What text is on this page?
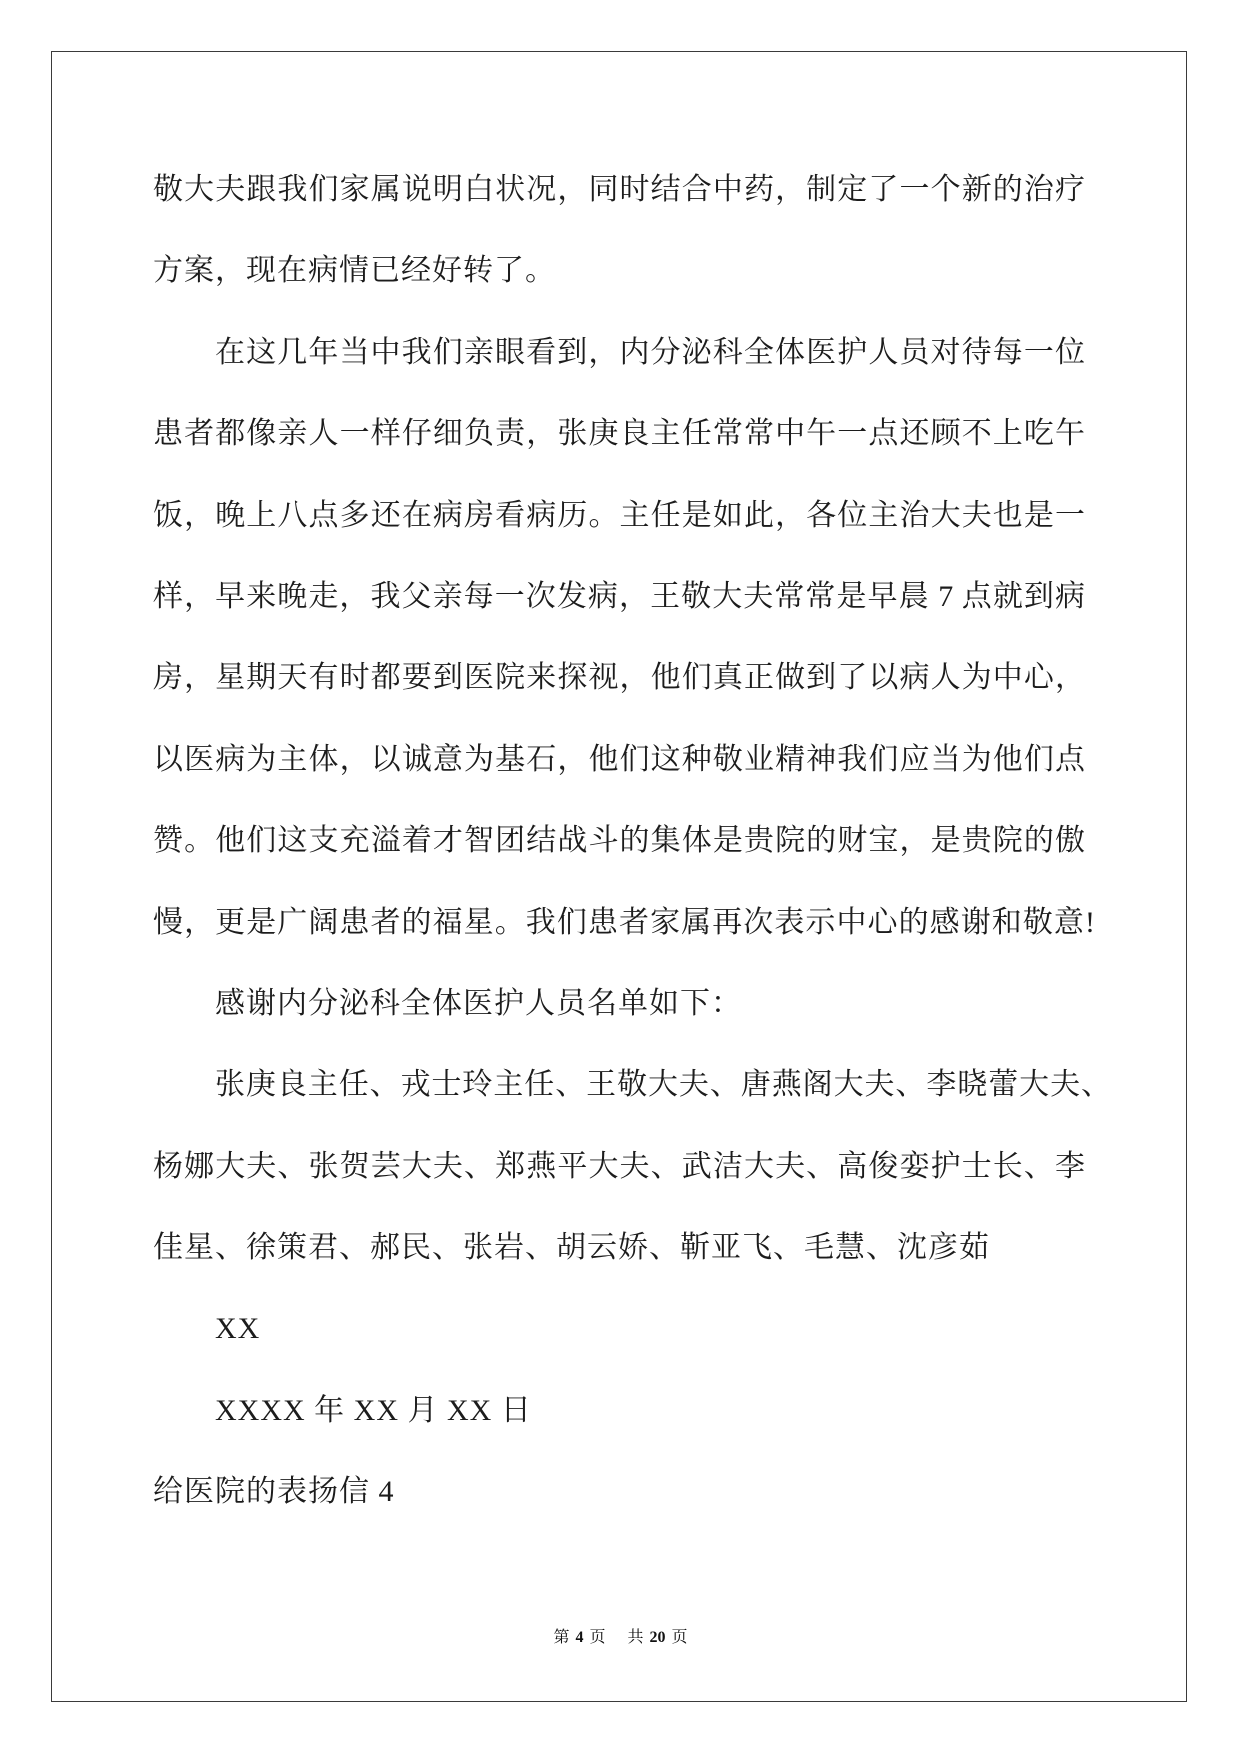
敬大夫跟我们家属说明白状况，同时结合中药，制定了一个新的治疗
方案，现在病情已经好转了。
在这几年当中我们亲眼看到，内分泌科全体医护人员对待每一位
患者都像亲人一样仔细负责，张庚良主任常常中午一点还顾不上吃午
饭，晚上八点多还在病房看病历。主任是如此，各位主治大夫也是一
样，早来晚走，我父亲每一次发病，王敬大夫常常是早晨 7 点就到病
房，星期天有时都要到医院来探视，他们真正做到了以病人为中心，
以医病为主体，以诚意为基石，他们这种敬业精神我们应当为他们点
赞。他们这支充溢着才智团结战斗的集体是贵院的财宝，是贵院的傲
慢，更是广阔患者的福星。我们患者家属再次表示中心的感谢和敬意!
感谢内分泌科全体医护人员名单如下：
张庚良主任、戎士玲主任、王敬大夫、唐燕阁大夫、李晓蕾大夫、
杨娜大夫、张贺芸大夫、郑燕平大夫、武洁大夫、高俊娈护士长、李
佳星、徐策君、郝民、张岩、胡云娇、靳亚飞、毛慧、沈彦茹
XX
XXXX 年 XX 月 XX 日
给医院的表扬信 4
第 4 页 共 20 页
